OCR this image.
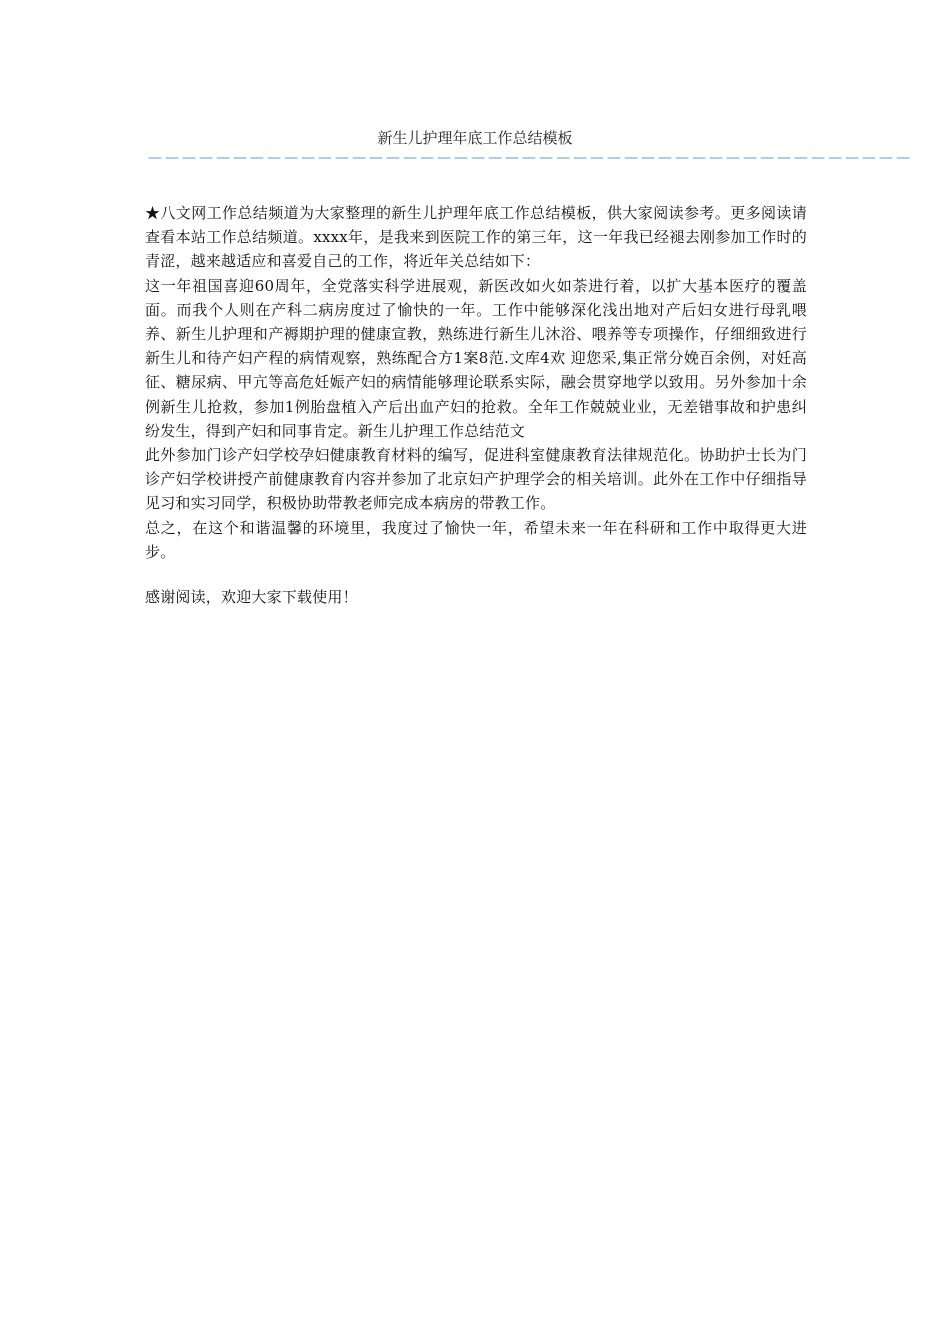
新生儿护理年底工作总结模板
—————————————————————————————————————————————

★八文网工作总结频道为大家整理的新生儿护理年底工作总结模板，供大家阅读参考。更多阅读请查看本站工作总结频道。xxxx年，是我来到医院工作的第三年，这一年我已经褪去刚参加工作时的青涩，越来越适应和喜爱自己的工作，将近年关总结如下：

这一年祖国喜迎60周年，全党落实科学进展观，新医改如火如荼进行着，以扩大基本医疗的覆盖面。而我个人则在产科二病房度过了愉快的一年。工作中能够深化浅出地对产后妇女进行母乳喂养、新生儿护理和产褥期护理的健康宣教，熟练进行新生儿沐浴、喂养等专项操作，仔细细致进行新生儿和待产妇产程的病情观察，熟练配合方1案8范.文库4欢 迎您采,集正常分娩百余例，对妊高征、糖尿病、甲亢等高危妊娠产妇的病情能够理论联系实际，融会贯穿地学以致用。另外参加十余例新生儿抢救，参加1例胎盘植入产后出血产妇的抢救。全年工作兢兢业业，无差错事故和护患纠纷发生，得到产妇和同事肯定。新生儿护理工作总结范文

此外参加门诊产妇学校孕妇健康教育材料的编写，促进科室健康教育法律规范化。协助护士长为门诊产妇学校讲授产前健康教育内容并参加了北京妇产护理学会的相关培训。此外在工作中仔细指导见习和实习同学，积极协助带教老师完成本病房的带教工作。

总之，在这个和谐温馨的环境里，我度过了愉快一年，希望未来一年在科研和工作中取得更大进步。

感谢阅读，欢迎大家下载使用！
